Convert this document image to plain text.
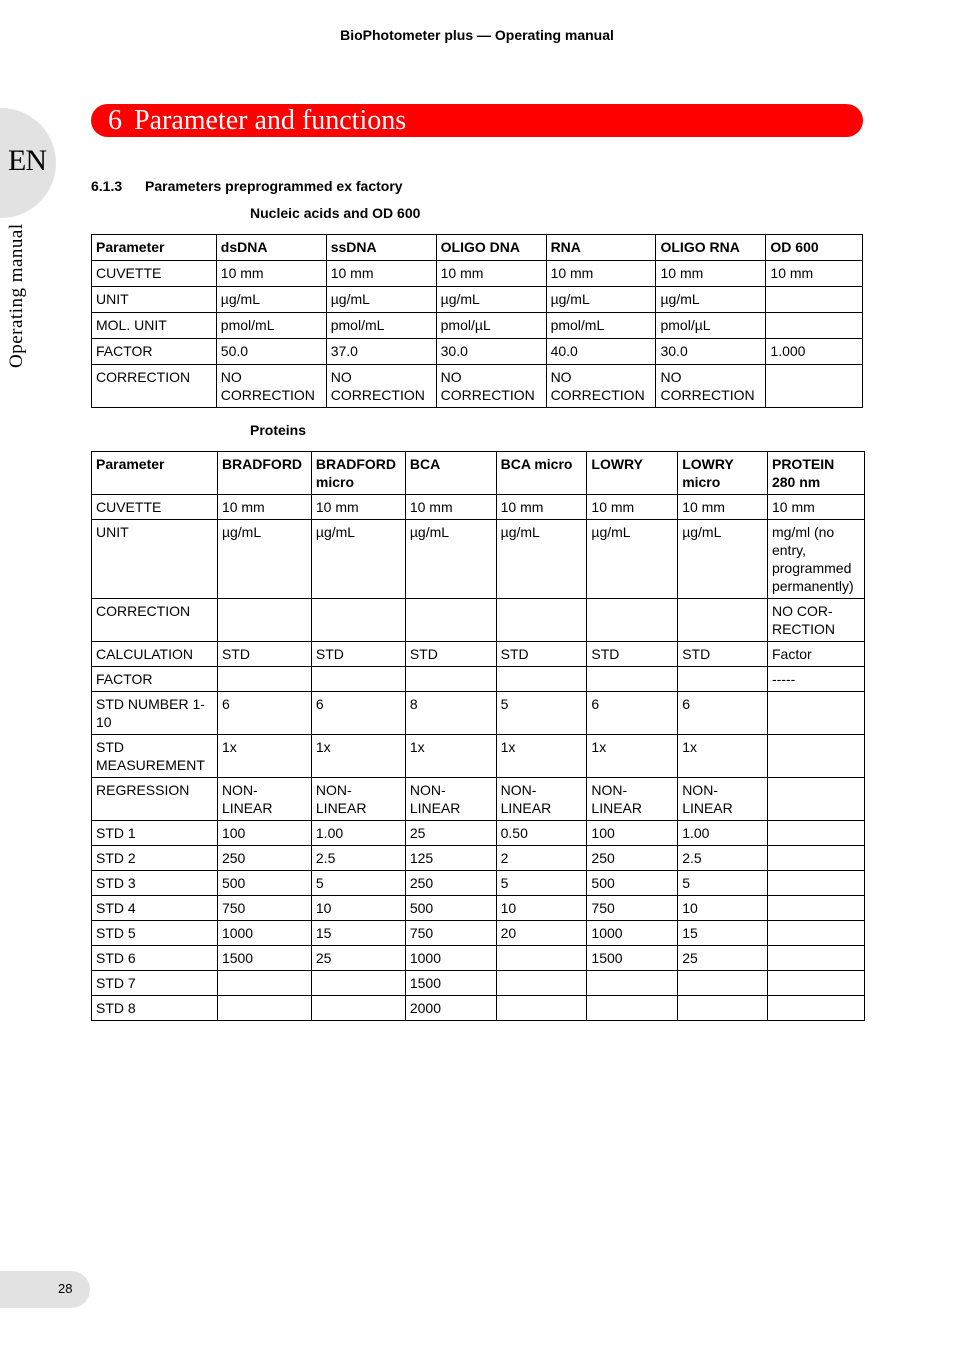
BioPhotometer plus — Operating manual
EN
Operating manual
6 Parameter and functions
6.1.3 Parameters preprogrammed ex factory
Nucleic acids and OD 600
Parameter	dsDNA	ssDNA	OLIGO DNA	RNA	OLIGO RNA	OD 600
CUVETTE	10 mm	10 mm	10 mm	10 mm	10 mm	10 mm
UNIT	µg/mL	µg/mL	µg/mL	µg/mL	µg/mL	
MOL. UNIT	pmol/mL	pmol/mL	pmol/µL	pmol/mL	pmol/µL	
FACTOR	50.0	37.0	30.0	40.0	30.0	1.000
CORRECTION	NO CORRECTION	NO CORRECTION	NO CORRECTION	NO CORRECTION	NO CORRECTION	
Proteins
Parameter	BRADFORD	BRADFORD micro	BCA	BCA micro	LOWRY	LOWRY micro	PROTEIN 280 nm
CUVETTE	10 mm	10 mm	10 mm	10 mm	10 mm	10 mm	10 mm
UNIT	µg/mL	µg/mL	µg/mL	µg/mL	µg/mL	µg/mL	mg/ml (no entry, programmed permanently)
CORRECTION							NO COR-RECTION
CALCULATION	STD	STD	STD	STD	STD	STD	Factor
FACTOR							-----
STD NUMBER 1-10	6	6	8	5	6	6	
STD MEASUREMENT	1x	1x	1x	1x	1x	1x	
REGRESSION	NON-LINEAR	NON-LINEAR	NON-LINEAR	NON-LINEAR	NON-LINEAR	NON-LINEAR	
STD 1	100	1.00	25	0.50	100	1.00	
STD 2	250	2.5	125	2	250	2.5	
STD 3	500	5	250	5	500	5	
STD 4	750	10	500	10	750	10	
STD 5	1000	15	750	20	1000	15	
STD 6	1500	25	1000		1500	25	
STD 7			1500				
STD 8			2000				
28
